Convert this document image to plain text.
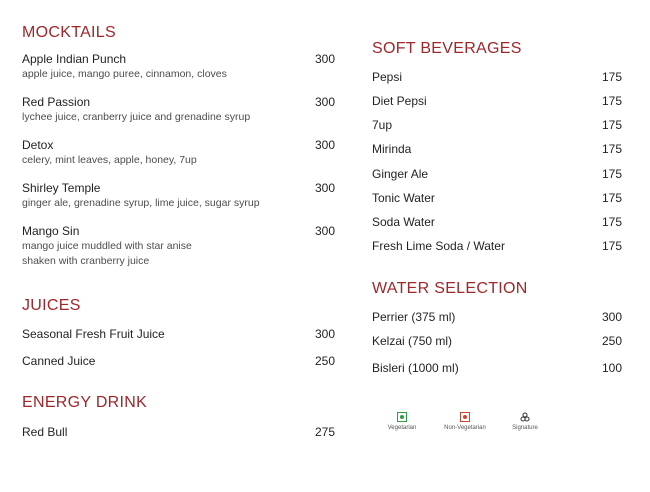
MOCKTAILS
Apple Indian Punch	300
apple juice, mango puree, cinnamon, cloves
Red Passion	300
lychee juice, cranberry juice and grenadine syrup
Detox	300
celery, mint leaves, apple, honey, 7up
Shirley Temple	300
ginger ale, grenadine syrup, lime juice, sugar syrup
Mango Sin	300
mango juice muddled with star anise
shaken with cranberry juice
JUICES
Seasonal Fresh Fruit Juice	300
Canned Juice	250
ENERGY DRINK
Red Bull	275
SOFT BEVERAGES
Pepsi	175
Diet Pepsi	175
7up	175
Mirinda	175
Ginger Ale	175
Tonic Water	175
Soda Water	175
Fresh Lime Soda / Water	175
WATER SELECTION
Perrier (375 ml)	300
Kelzai (750 ml)	250
Bisleri (1000 ml)	100
Vegetarian	Non-Vegetarian	Signature
